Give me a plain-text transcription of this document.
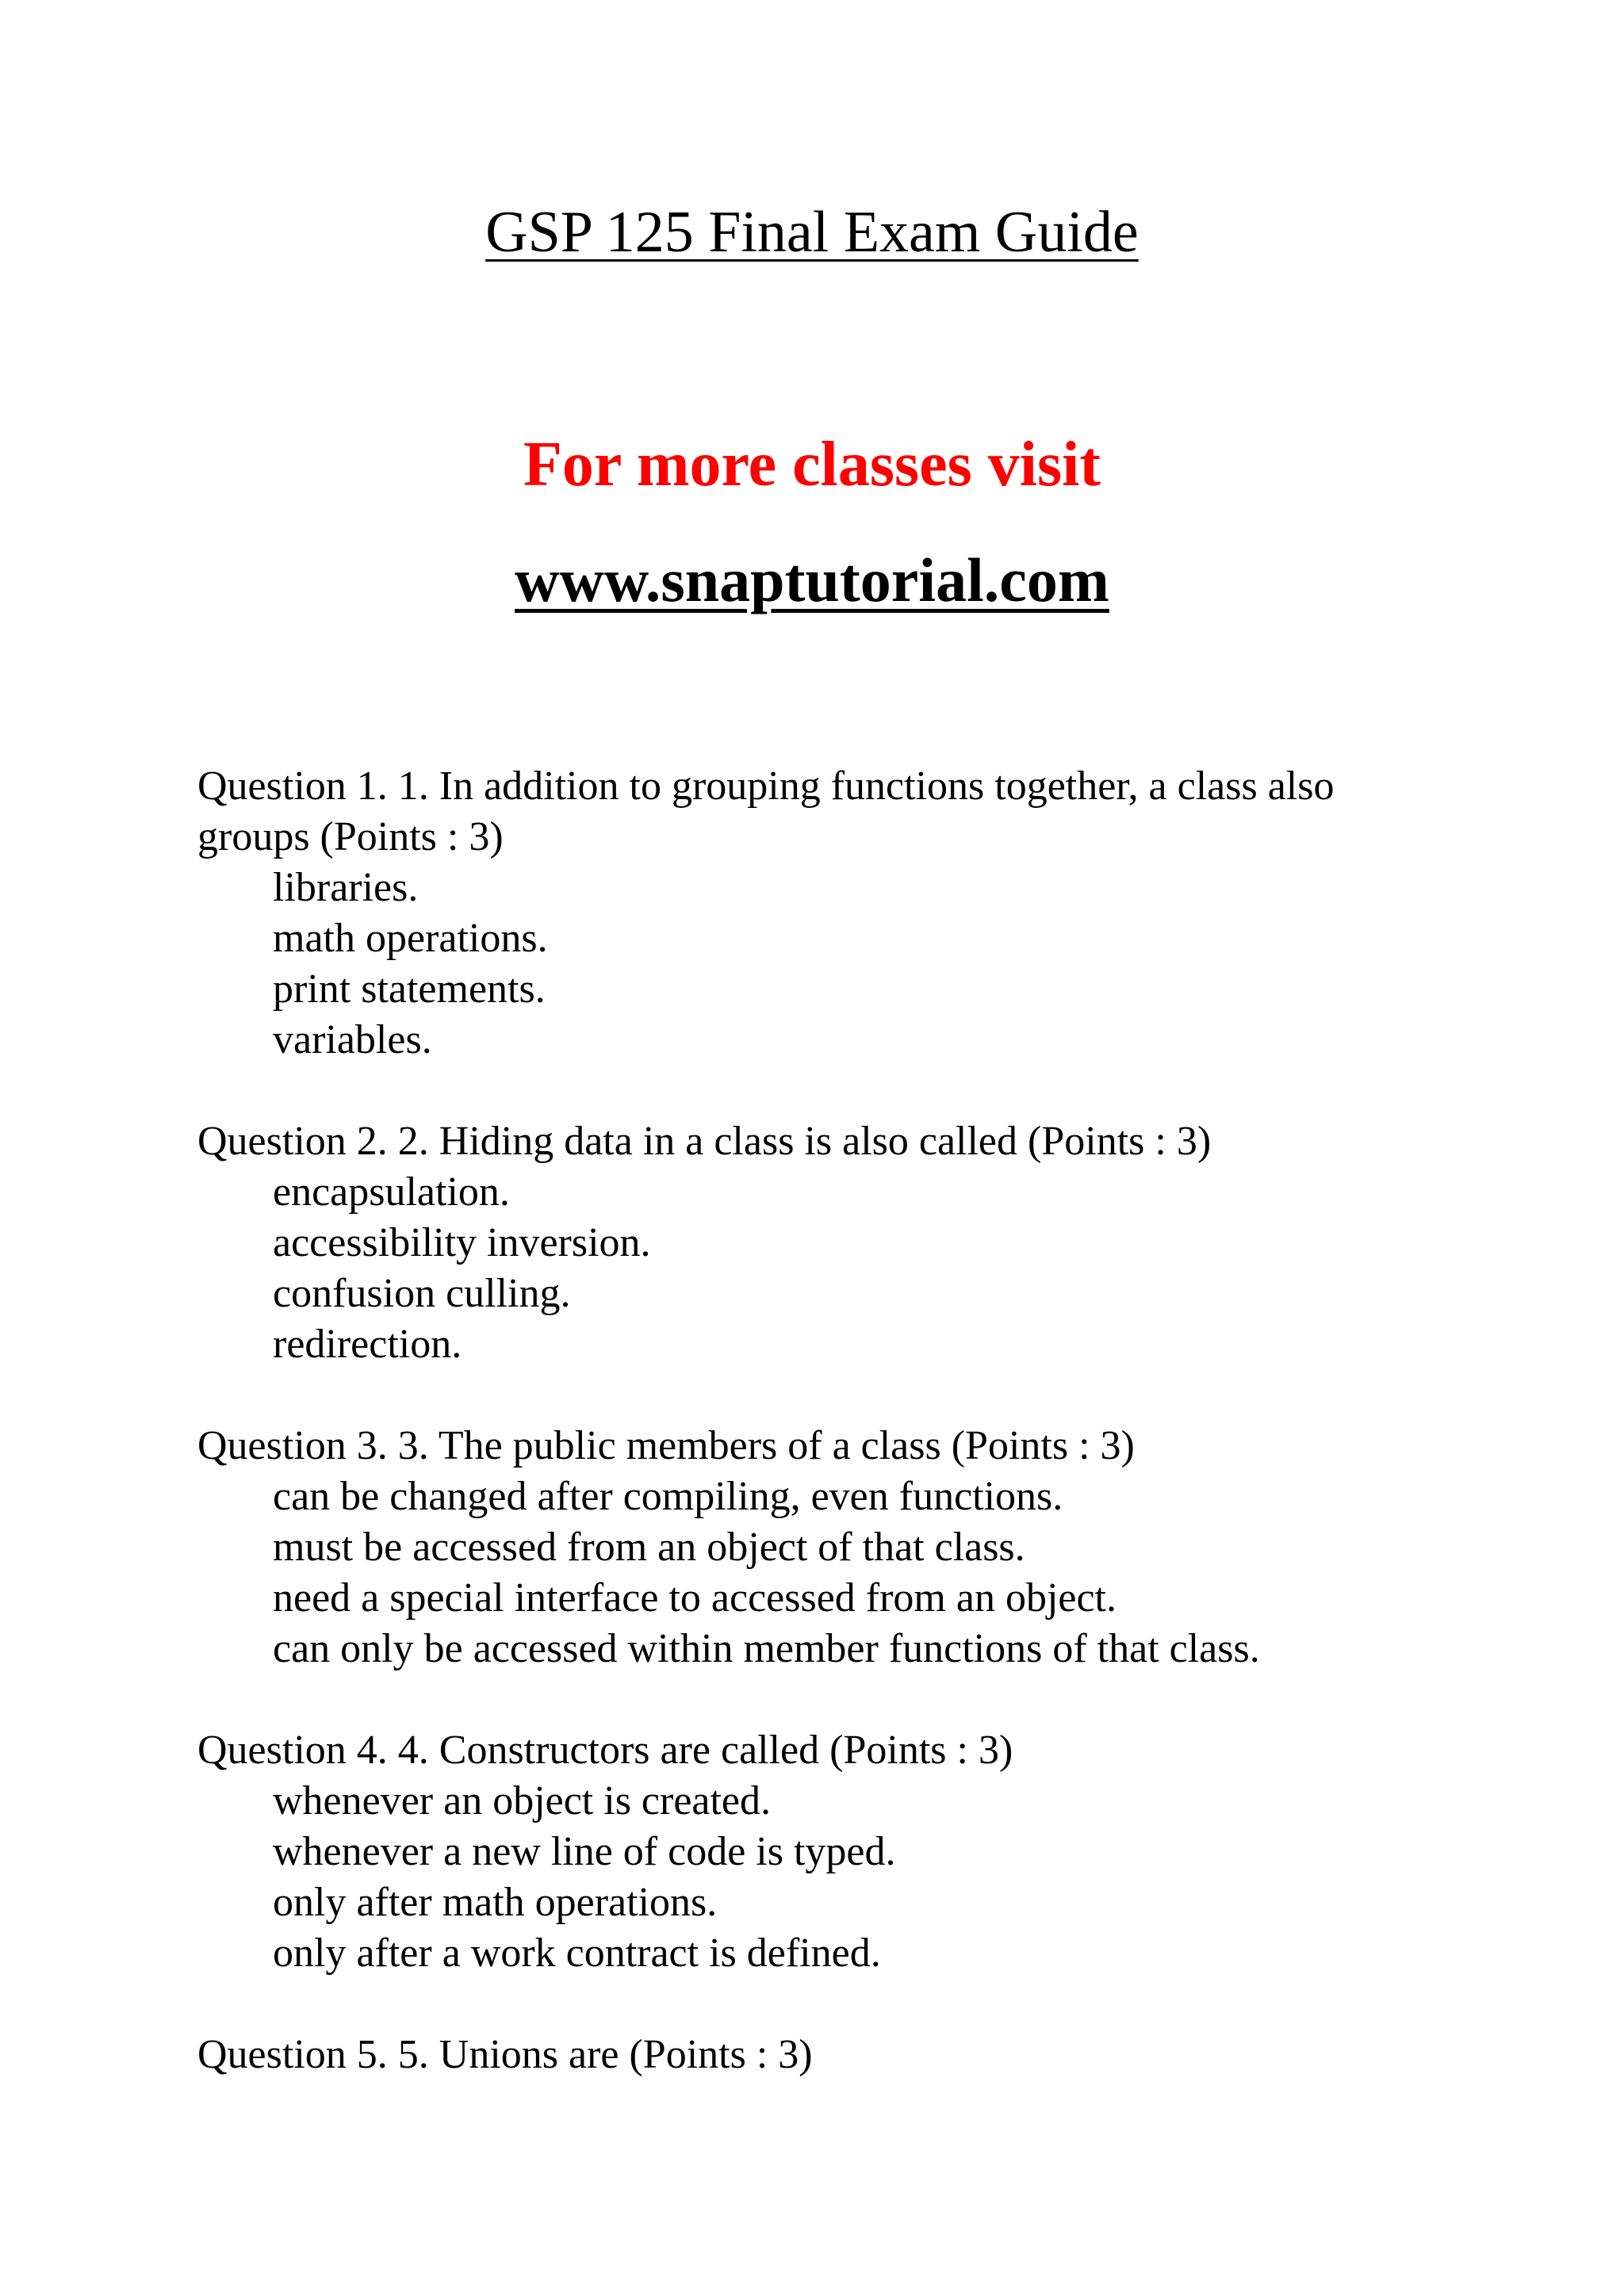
GSP 125 Final Exam Guide
For more classes visit
www.snaptutorial.com
Question 1. 1. In addition to grouping functions together, a class also groups (Points : 3)
libraries.
math operations.
print statements.
variables.
Question 2. 2. Hiding data in a class is also called (Points : 3)
encapsulation.
accessibility inversion.
confusion culling.
redirection.
Question 3. 3. The public members of a class (Points : 3)
can be changed after compiling, even functions.
must be accessed from an object of that class.
need a special interface to accessed from an object.
can only be accessed within member functions of that class.
Question 4. 4. Constructors are called (Points : 3)
whenever an object is created.
whenever a new line of code is typed.
only after math operations.
only after a work contract is defined.
Question 5. 5. Unions are (Points : 3)
